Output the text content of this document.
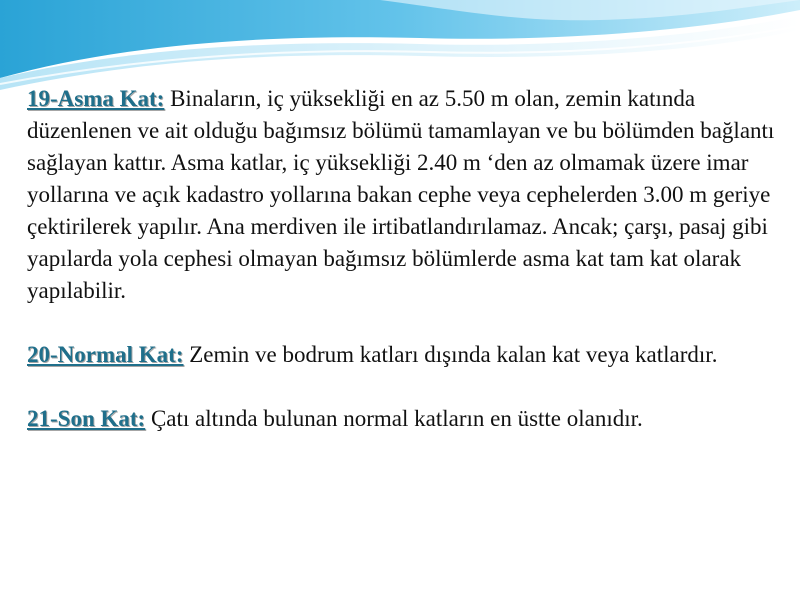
19-Asma Kat: Binaların, iç yüksekliği en az 5.50 m olan, zemin katında düzenlenen ve ait olduğu bağımsız bölümü tamamlayan ve bu bölümden bağlantı sağlayan kattır. Asma katlar, iç yüksekliği 2.40 m ‘den az olmamak üzere imar yollarına ve açık kadastro yollarına bakan cephe veya cephelerden 3.00 m geriye çektirilerek yapılır. Ana merdiven ile irtibatlandırılamaz. Ancak; çarşı, pasaj gibi yapılarda yola cephesi olmayan bağımsız bölümlerde asma kat tam kat olarak yapılabilir.

20-Normal Kat: Zemin ve bodrum katları dışında kalan kat veya katlardır.

21-Son Kat: Çatı altında bulunan normal katların en üstte olanıdır.
